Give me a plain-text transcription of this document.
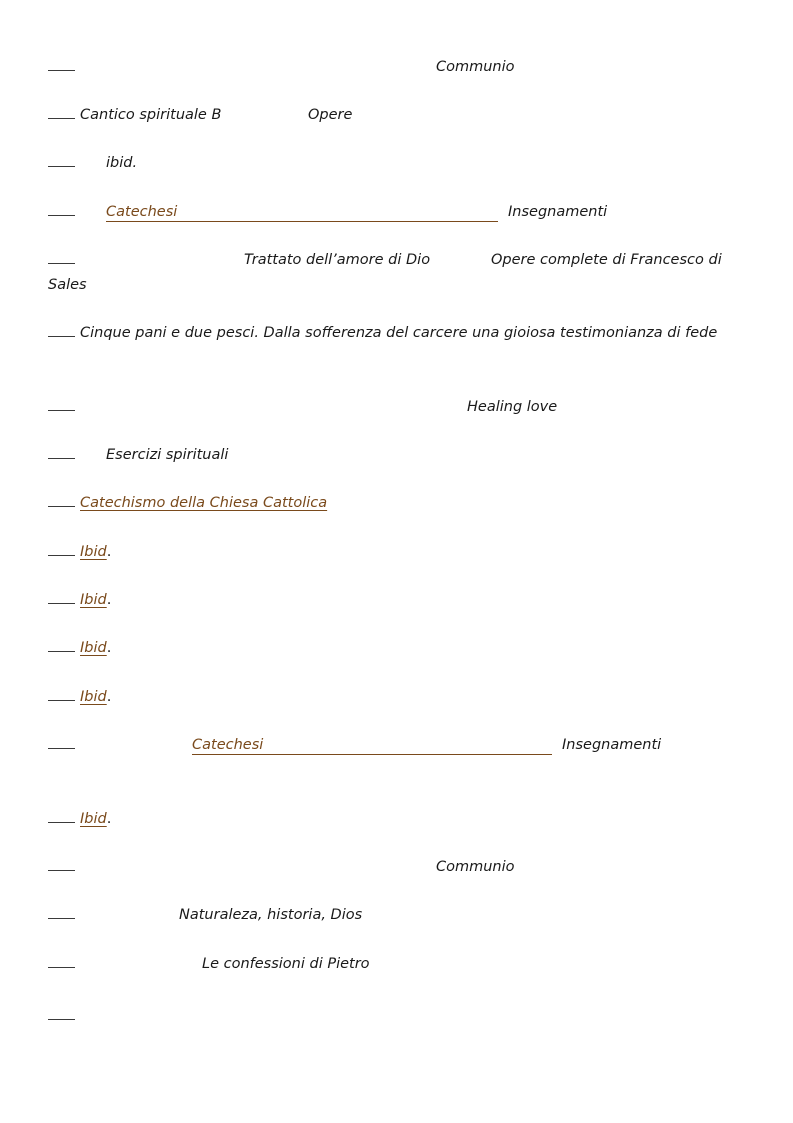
Communio
Cantico spirituale B	Opere
ibid.
Catechesi	Insegnamenti
Trattato dell’amore di Dio	Opere complete di Francesco di
Sales
Cinque pani e due pesci. Dalla sofferenza del carcere una gioiosa testimonianza di fede
Healing love
Esercizi spirituali
Catechismo della Chiesa Cattolica
Ibid.
Ibid.
Ibid.
Ibid.
Catechesi	Insegnamenti
Ibid.
Communio
Naturaleza, historia, Dios
Le confessioni di Pietro
